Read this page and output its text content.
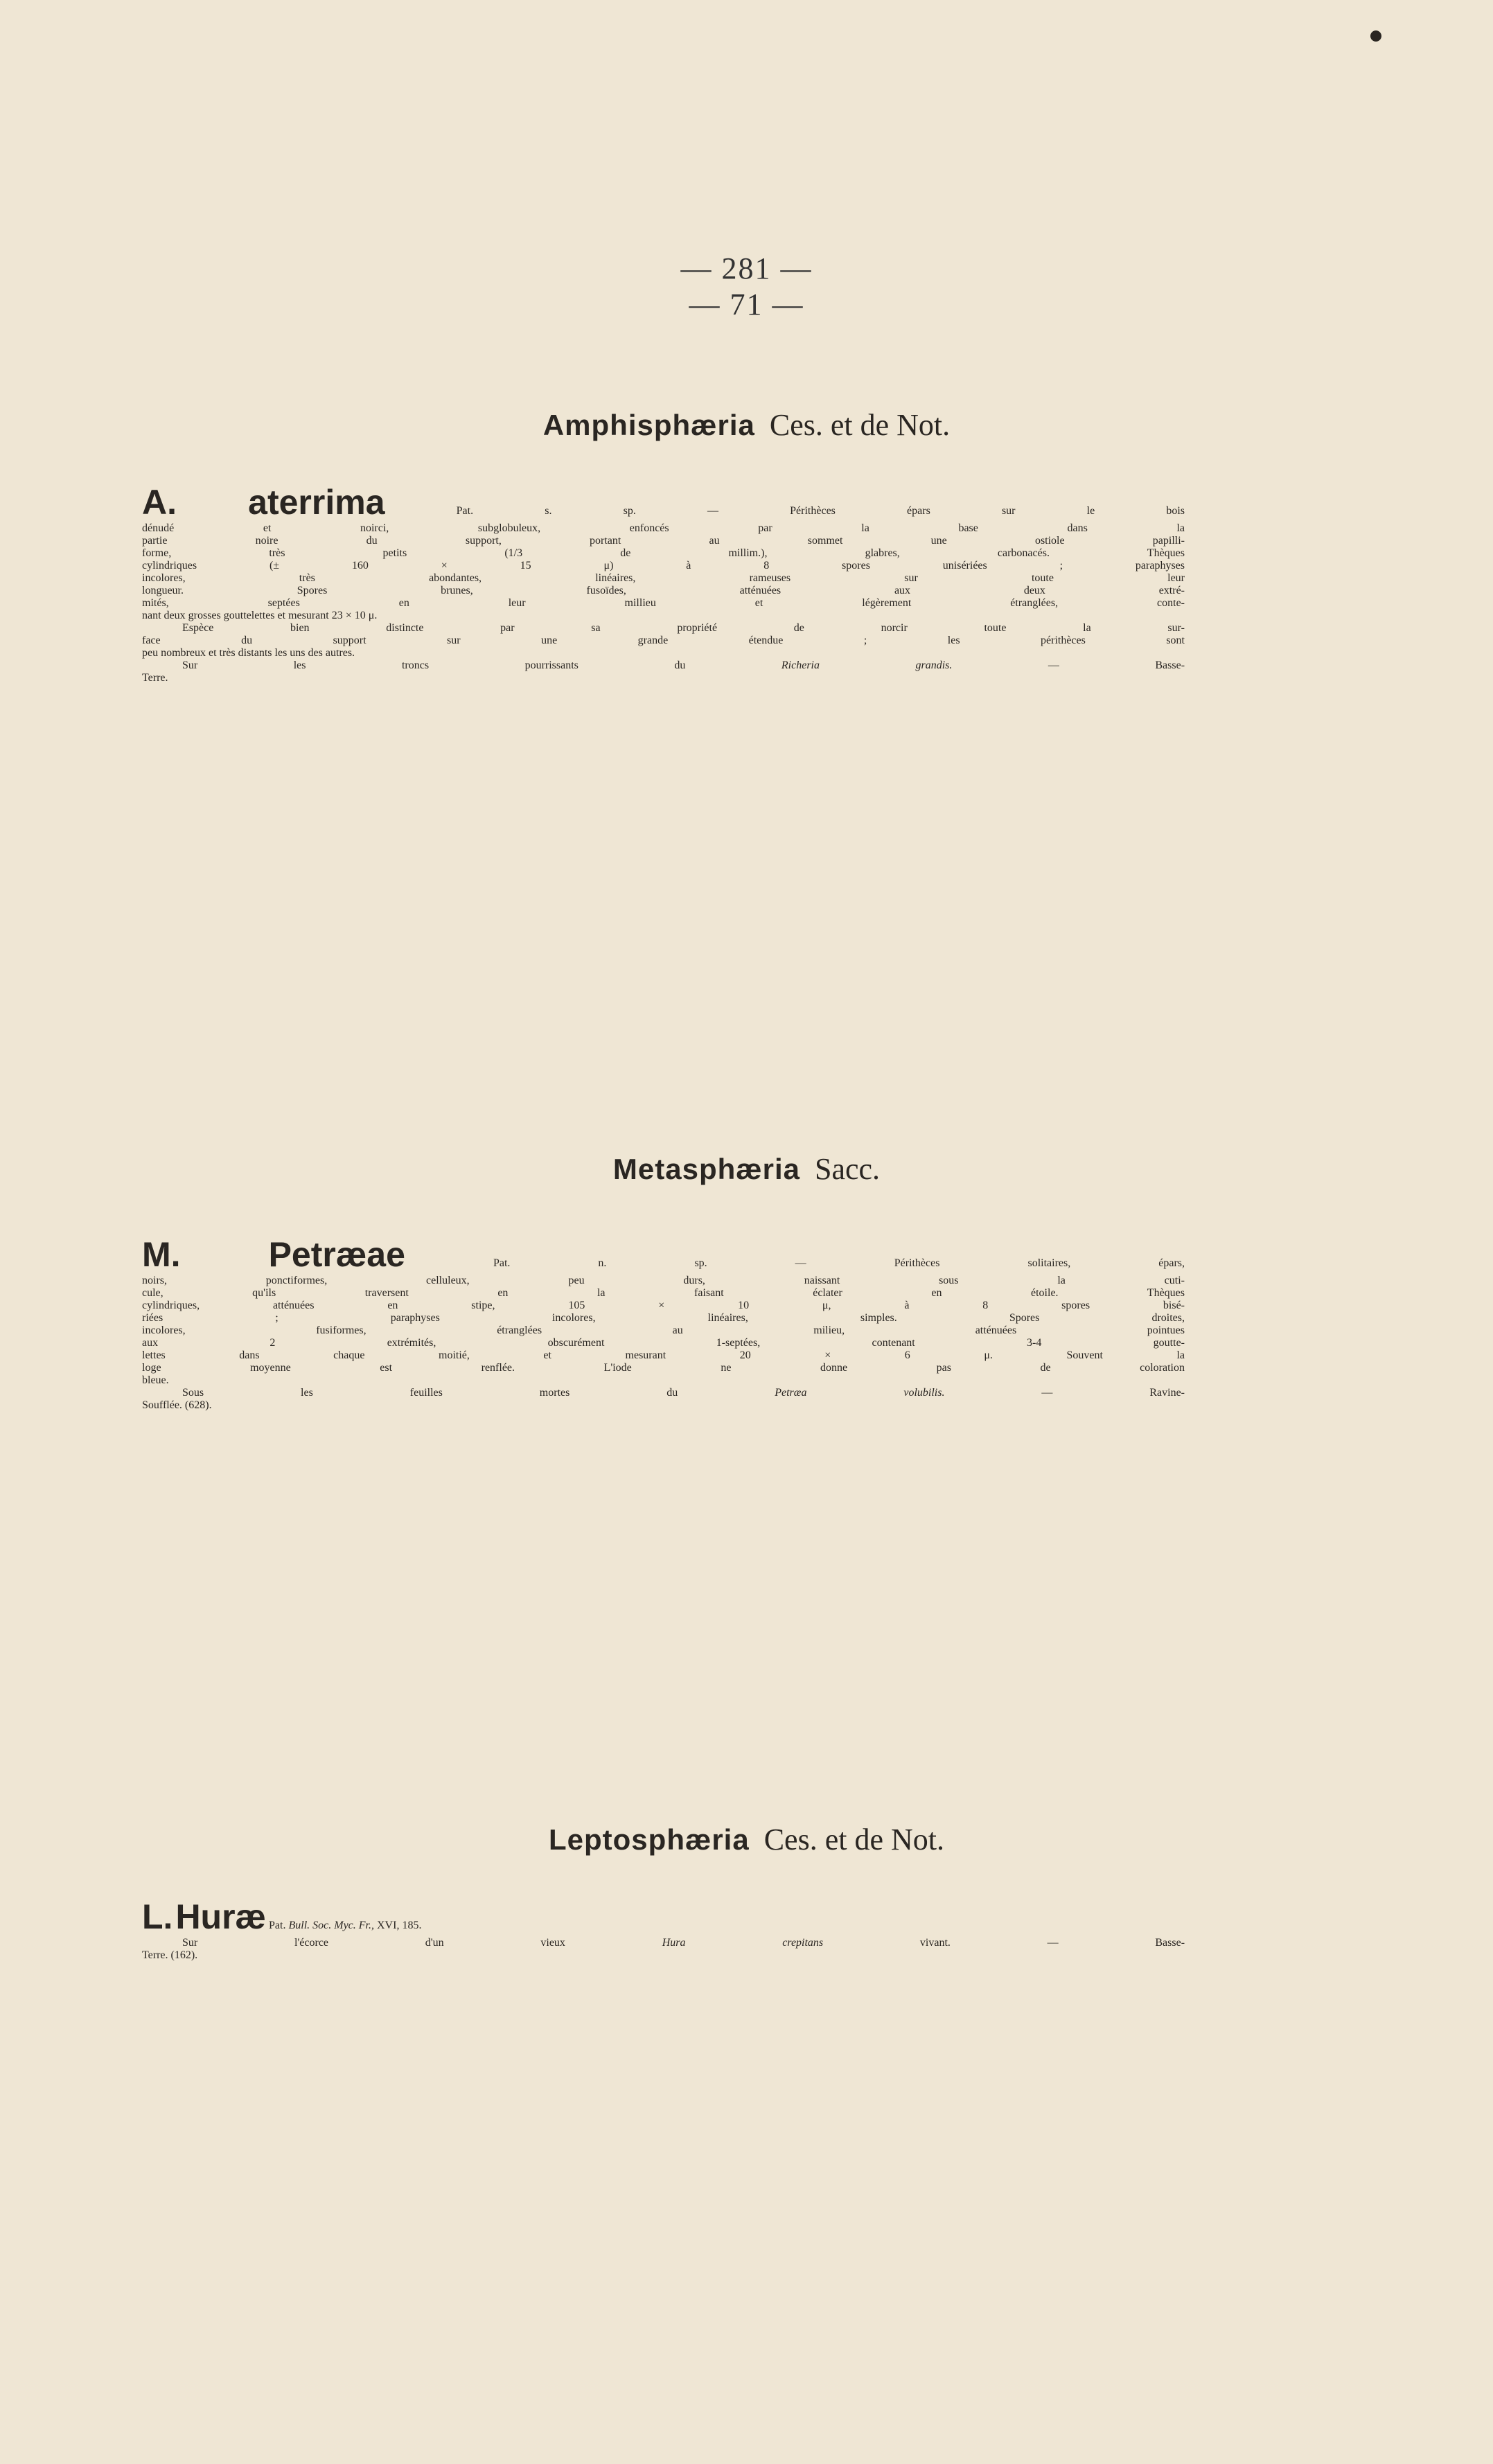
— 281 —
— 71 —
Amphisphæria Ces. et de Not.
A. aterrima	Pat. s. sp. — Périthèces épars sur le bois
dénudé et noirci, subglobuleux, enfoncés par la base dans la
partie noire du support, portant au sommet une ostiole papilli-
forme, très petits (1/3 de millim.), glabres, carbonacés. Thèques
cylindriques (± 160 × 15 μ) à 8 spores unisériées ; paraphyses
incolores, très abondantes, linéaires, rameuses sur toute leur
longueur. Spores brunes, fusoïdes, atténuées aux deux extré-
mités, septées en leur millieu et légèrement étranglées, conte-
nant deux grosses gouttelettes et mesurant 23 × 10 μ.
Espèce bien distincte par sa propriété de norcir toute la sur-
face du support sur une grande étendue ; les périthèces sont
peu nombreux et très distants les uns des autres.
Sur les troncs pourrissants du	Richeria grandis.	— Basse-
Terre.
Metasphæria Sacc.
M.	Petræae	Pat. n. sp. — Périthèces solitaires, épars,
noirs, ponctiformes, celluleux, peu durs, naissant sous la cuti-
cule, qu'ils traversent en la faisant éclater en étoile. Thèques
cylindriques, atténuées en stipe, 105 × 10 μ, à 8 spores bisé-
riées ; paraphyses incolores, linéaires, simples. Spores droites,
incolores, fusiformes, étranglées au milieu, atténuées pointues
aux 2 extrémités, obscurément 1-septées, contenant 3-4 goutte-
lettes dans chaque moitié, et mesurant 20 × 6 μ. Souvent la
loge moyenne est renflée. L'iode ne donne pas de coloration
bleue.
Sous les feuilles mortes du	Petræa volubilis.	— Ravine-
Soufflée. (628).
Leptosphæria Ces. et de Not.
L. Huræ Pat. Bull. Soc. Myc. Fr., XVI, 185.
Sur l'écorce d'un vieux	Hura crepitans	vivant. — Basse-
Terre. (162).
